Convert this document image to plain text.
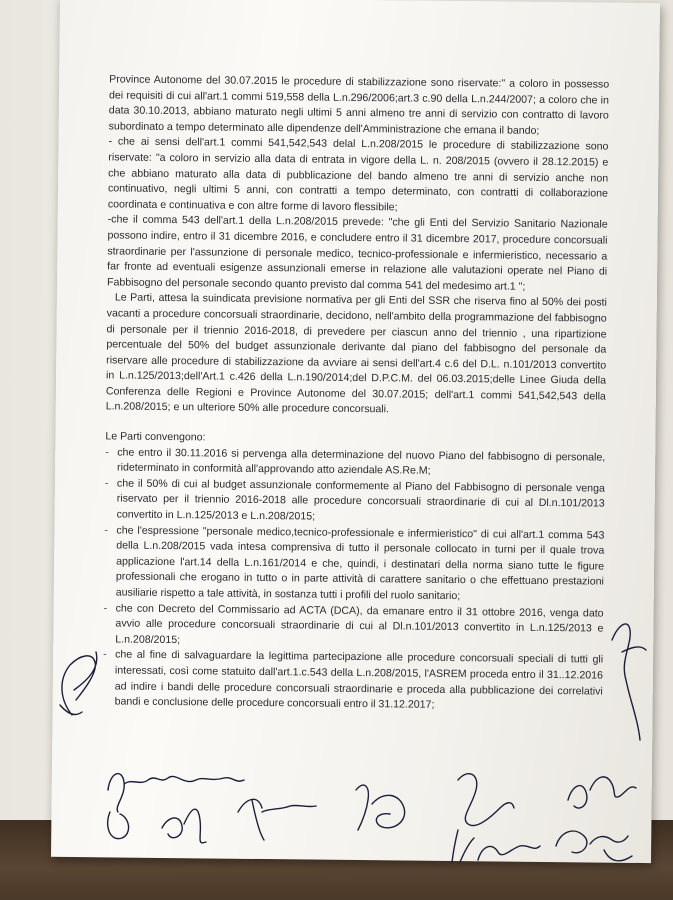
Province Autonome del 30.07.2015 le procedure di stabilizzazione sono riservate:" a coloro in possesso dei requisiti di cui all'art.1 commi 519,558 della L.n.296/2006;art.3 c.90 della L.n.244/2007; a coloro che in data 30.10.2013, abbiano maturato negli ultimi 5 anni almeno tre anni di servizio con contratto di lavoro subordinato a tempo determinato alle dipendenze dell'Amministrazione che emana il bando;

- che ai sensi dell'art.1 commi 541,542,543 delal L.n.208/2015 le procedure di stabilizzazione sono riservate: "a coloro in servizio alla data di entrata in vigore della L. n. 208/2015 (ovvero il 28.12.2015) e che abbiano maturato alla data di pubblicazione del bando almeno tre anni di servizio anche non continuativo, negli ultimi 5 anni, con contratti a tempo determinato, con contratti di collaborazione coordinata e continuativa e con altre forme di lavoro flessibile;

-che il comma 543 dell'art.1 della L.n.208/2015 prevede: "che gli Enti del Servizio Sanitario Nazionale possono indire, entro il 31 dicembre 2016, e concludere entro il 31 dicembre 2017, procedure concorsuali straordinarie per l'assunzione di personale medico, tecnico-professionale e infermieristico, necessario a far fronte ad eventuali esigenze assunzionali emerse in relazione alle valutazioni operate nel Piano di Fabbisogno del personale secondo quanto previsto dal comma 541 del medesimo art.1 ";

Le Parti, attesa la suindicata previsione normativa per gli Enti del SSR che riserva fino al 50% dei posti vacanti a procedure concorsuali straordinarie, decidono, nell'ambito della programmazione del fabbisogno di personale per il triennio 2016-2018, di prevedere per ciascun anno del triennio , una ripartizione percentuale del 50% del budget assunzionale derivante dal piano del fabbisogno del personale da riservare alle procedure di stabilizzazione da avviare ai sensi dell'art.4 c.6 del D.L. n.101/2013 convertito in L.n.125/2013;dell'Art.1 c.426 della L.n.190/2014;del D.P.C.M. del 06.03.2015;delle Linee Giuda della Conferenza delle Regioni e Province Autonome del 30.07.2015; dell'art.1 commi 541,542,543 della L.n.208/2015; e un ulteriore 50% alle procedure concorsuali.

Le Parti convengono:

- che entro il 30.11.2016 si pervenga alla determinazione del nuovo Piano del fabbisogno di personale, rideterminato in conformità all'approvando atto aziendale AS.Re.M;
- che il 50% di cui al budget assunzionale conformemente al Piano del Fabbisogno di personale venga riservato per il triennio 2016-2018 alle procedure concorsuali straordinarie di cui al Dl.n.101/2013 convertito in L.n.125/2013 e L.n.208/2015;
- che l'espressione "personale medico,tecnico-professionale e infermieristico" di cui all'art.1 comma 543 della L.n.208/2015 vada intesa comprensiva di tutto il personale collocato in turni per il quale trova applicazione l'art.14 della L.n.161/2014 e che, quindi, i destinatari della norma siano tutte le figure professionali che erogano in tutto o in parte attività di carattere sanitario o che effettuano prestazioni ausiliarie rispetto a tale attività, in sostanza tutti i profili del ruolo sanitario;
- che con Decreto del Commissario ad ACTA (DCA), da emanare entro il 31 ottobre 2016, venga dato avvio alle procedure concorsuali straordinarie di cui al Dl.n.101/2013 convertito in L.n.125/2013 e L.n.208/2015;
- che al fine di salvaguardare la legittima partecipazione alle procedure concorsuali speciali di tutti gli interessati, così come statuito dall'art.1.c.543 della L.n.208/2015, l'ASREM proceda entro il 31..12.2016 ad indire i bandi delle procedure concorsuali straordinarie e proceda alla pubblicazione dei correlativi bandi e conclusione delle procedure concorsuali entro il 31.12.2017;
